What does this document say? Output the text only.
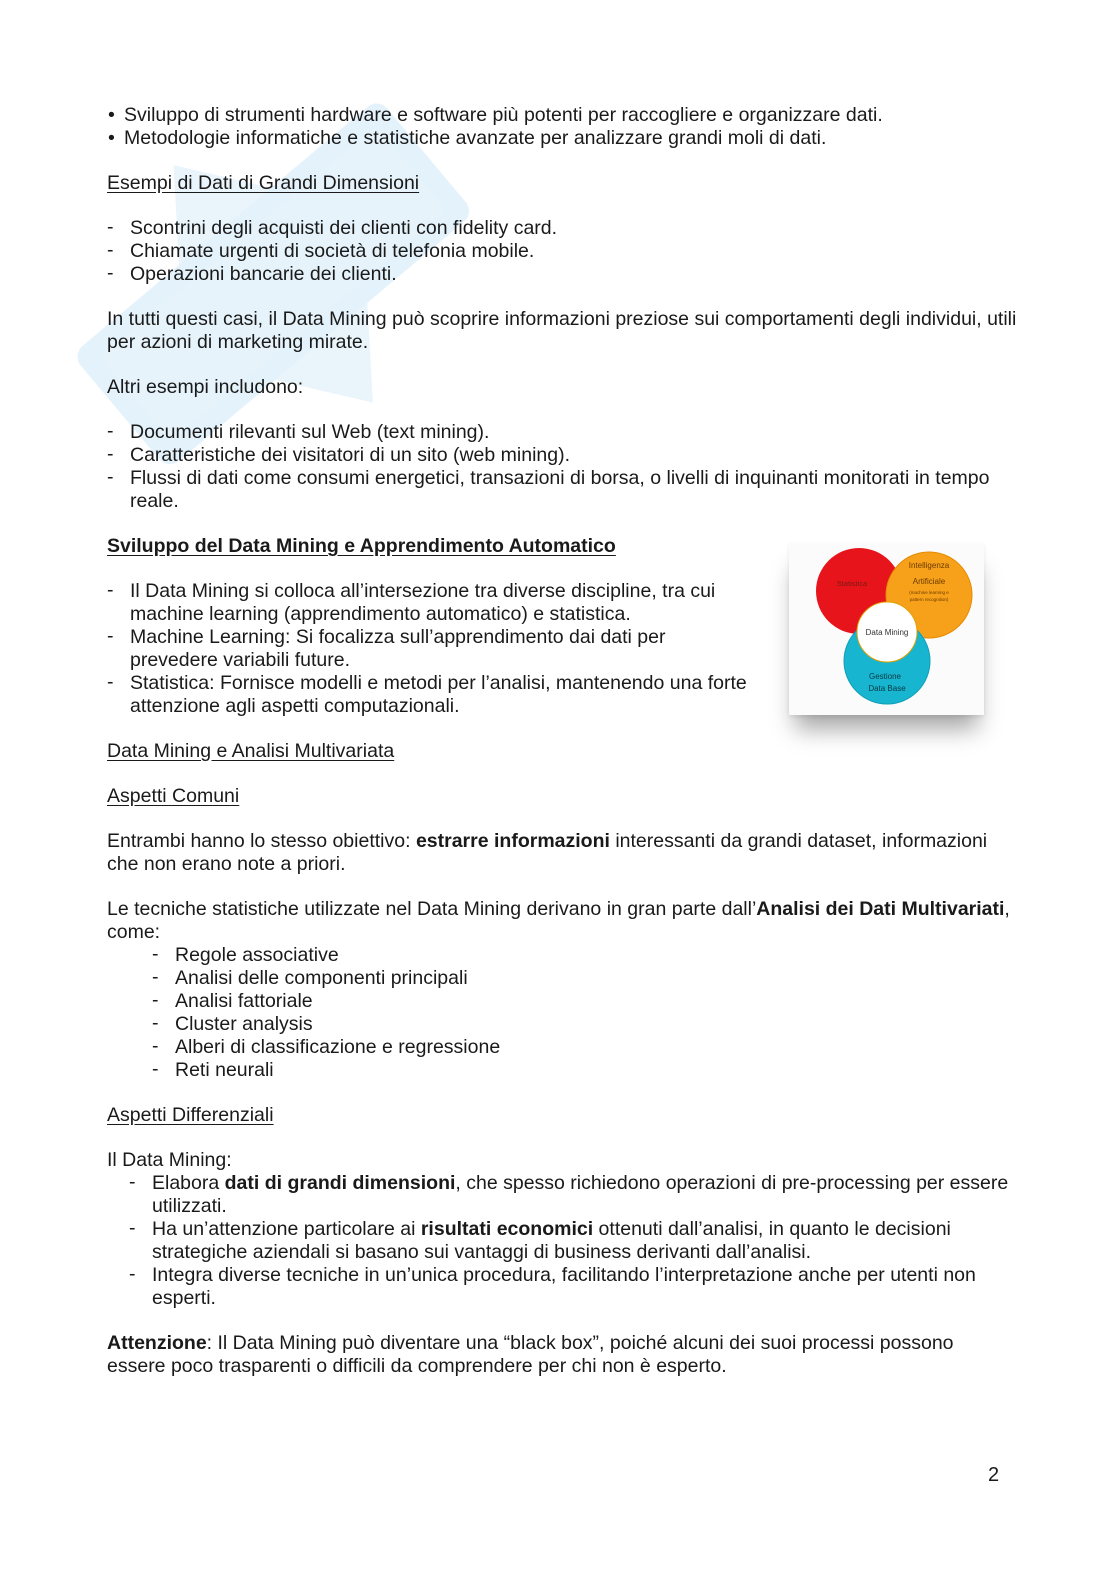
• Sviluppo di strumenti hardware e software più potenti per raccogliere e organizzare dati.
• Metodologie informatiche e statistiche avanzate per analizzare grandi moli di dati.

Esempi di Dati di Grandi Dimensioni

- Scontrini degli acquisti dei clienti con fidelity card.
- Chiamate urgenti di società di telefonia mobile.
- Operazioni bancarie dei clienti.

In tutti questi casi, il Data Mining può scoprire informazioni preziose sui comportamenti degli individui, utili per azioni di marketing mirate.

Altri esempi includono:

- Documenti rilevanti sul Web (text mining).
- Caratteristiche dei visitatori di un sito (web mining).
- Flussi di dati come consumi energetici, transazioni di borsa, o livelli di inquinanti monitorati in tempo reale.

Sviluppo del Data Mining e Apprendimento Automatico

- Il Data Mining si colloca all’intersezione tra diverse discipline, tra cui machine learning (apprendimento automatico) e statistica.
- Machine Learning: Si focalizza sull’apprendimento dai dati per prevedere variabili future.
- Statistica: Fornisce modelli e metodi per l’analisi, mantenendo una forte attenzione agli aspetti computazionali.

Data Mining e Analisi Multivariata

Aspetti Comuni

Entrambi hanno lo stesso obiettivo: estrarre informazioni interessanti da grandi dataset, informazioni che non erano note a priori.

Le tecniche statistiche utilizzate nel Data Mining derivano in gran parte dall’Analisi dei Dati Multivariati, come:

- Regole associative
- Analisi delle componenti principali
- Analisi fattoriale
- Cluster analysis
- Alberi di classificazione e regressione
- Reti neurali

Aspetti Differenziali

Il Data Mining:

- Elabora dati di grandi dimensioni, che spesso richiedono operazioni di pre-processing per essere utilizzati.
- Ha un’attenzione particolare ai risultati economici ottenuti dall’analisi, in quanto le decisioni strategiche aziendali si basano sui vantaggi di business derivanti dall’analisi.
- Integra diverse tecniche in un’unica procedura, facilitando l’interpretazione anche per utenti non esperti.

Attenzione: Il Data Mining può diventare una “black box”, poiché alcuni dei suoi processi possono essere poco trasparenti o difficili da comprendere per chi non è esperto.

Statistica
Intelligenza
Artificiale
(machine learning e
pattern recognition)
Data Mining
Gestione
Data Base
2
